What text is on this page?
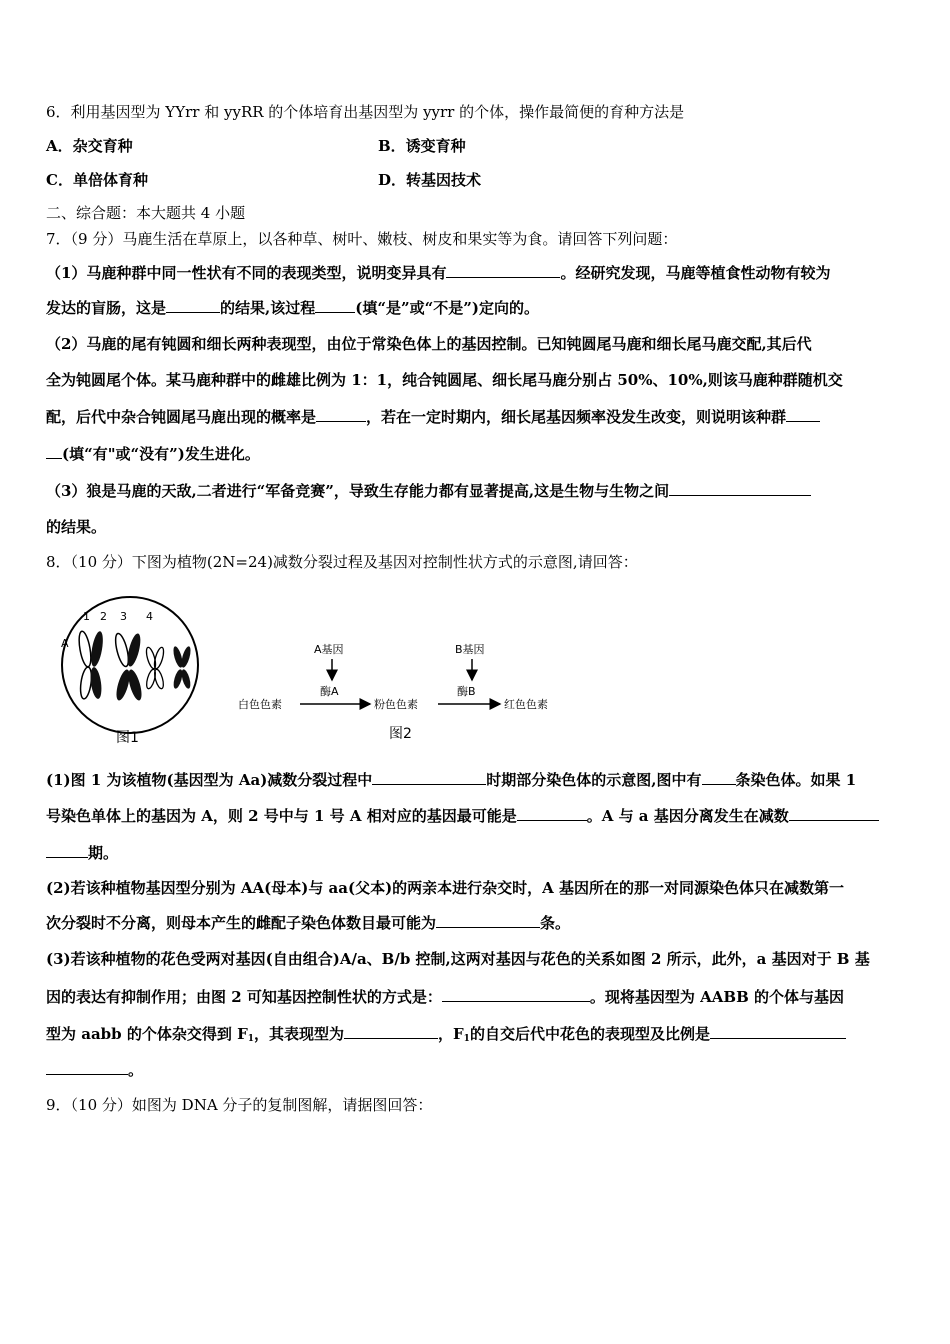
6．利用基因型为 YYrr 和 yyRR 的个体培育出基因型为 yyrr 的个体，操作最简便的育种方法是
A．杂交育种	B．诱变育种
C．单倍体育种	D．转基因技术
二、综合题：本大题共 4 小题
7．（9 分）马鹿生活在草原上，以各种草、树叶、嫩枝、树皮和果实等为食。请回答下列问题：
（1）马鹿种群中同一性状有不同的表现类型，说明变异具有	。经研究发现，马鹿等植食性动物有较为
发达的盲肠，这是	的结果,该过程	(填“是”或“不是”)定向的。
（2）马鹿的尾有钝圆和细长两种表现型，由位于常染色体上的基因控制。已知钝圆尾马鹿和细长尾马鹿交配,其后代
全为钝圆尾个体。某马鹿种群中的雌雄比例为 1：1，纯合钝圆尾、细长尾马鹿分别占 50%、10%,则该马鹿种群随机交
配，后代中杂合钝圆尾马鹿出现的概率是	，若在一定时期内，细长尾基因频率没发生改变，则说明该种群
(填“有"或“没有”)发生进化。
（3）狼是马鹿的天敌,二者进行“军备竞赛”，导致生存能力都有显著提高,这是生物与生物之间
的结果。
8．（10 分）下图为植物(2N=24)减数分裂过程及基因对控制性状方式的示意图,请回答：
1 2 3 4
A
图1
A基因	B基因
酶A	酶B
白色色素	粉色色素	红色色素
图2
(1)图 1 为该植物(基因型为 Aa)减数分裂过程中	时期部分染色体的示意图,图中有 条染色体。如果 1
号染色单体上的基因为 A，则 2 号中与 1 号 A 相对应的基因最可能是	。A 与 a 基因分离发生在减数
期。
(2)若该种植物基因型分别为 AA(母本)与 aa(父本)的两亲本进行杂交时，A 基因所在的那一对同源染色体只在减数第一
次分裂时不分离，则母本产生的雌配子染色体数目最可能为	条。
(3)若该种植物的花色受两对基因(自由组合)A/a、B/b 控制,这两对基因与花色的关系如图 2 所示，此外，a 基因对于 B 基
因的表达有抑制作用；由图 2 可知基因控制性状的方式是：	。现将基因型为 AABB 的个体与基因
型为 aabb 的个体杂交得到 $F_1$，其表现型为	，$F_1$的自交后代中花色的表现型及比例是
。
9．（10 分）如图为 DNA 分子的复制图解，请据图回答：
